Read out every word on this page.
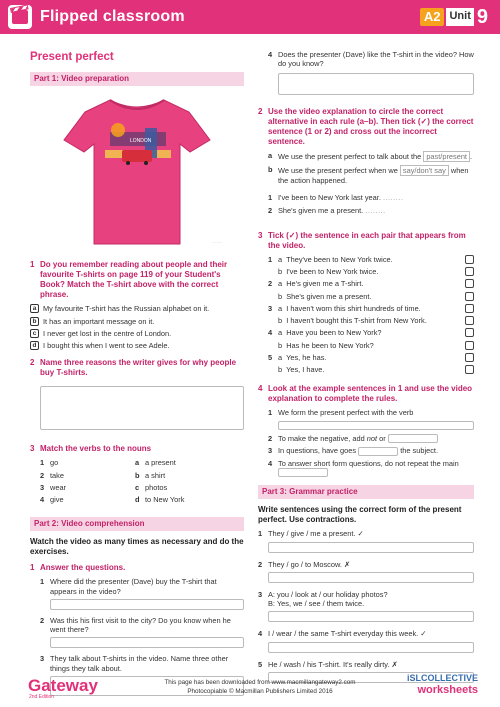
Flipped classroom	A2 Unit 9
Present perfect
Part 1: Video preparation
LONDON
.........
1 Do you remember reading about people and their favourite T-shirts on page 119 of your Student's Book? Match the T-shirt above with the correct phrase.
a My favourite T-shirt has the Russian alphabet on it.
b It has an important message on it.
c I never get lost in the centre of London.
d I bought this when I went to see Adele.
2 Name three reasons the writer gives for why people buy T-shirts.
3 Match the verbs to the nouns
1 go
2 take
3 wear
4 give
a a present
b a shirt
c photos
d to New York
Part 2: Video comprehension
Watch the video as many times as necessary and do the exercises.
1 Answer the questions.
1 Where did the presenter (Dave) buy the T-shirt that appears in the video?
2 Was this his first visit to the city? Do you know when he went there?
3 They talk about T-shirts in the video. Name three other things they talk about.
4 Does the presenter (Dave) like the T-shirt in the video? How do you know?
2 Use the video explanation to circle the correct alternative in each rule (a–b). Then tick (✓) the correct sentence (1 or 2) and cross out the incorrect sentence.
a We use the present perfect to talk about the past/present .
b We use the present perfect when we say/don't say when the action happened.
1 I've been to New York last year. ........
2 She's given me a present. ........
3 Tick (✓) the sentence in each pair that appears from the video.
1 a  They've been to New York twice.
b  I've been to New York twice.
2 a  He's given me a T-shirt.
b  She's given me a present.
3 a  I haven't worn this shirt hundreds of time.
b  I haven't bought this T-shirt from New York.
4 a  Have you been to New York?
b  Has he been to New York?
5 a  Yes, he has.
b  Yes, I have.
4 Look at the example sentences in 1 and use the video explanation to complete the rules.
1 We form the present perfect with the verb
2 To make the negative, add not or
3 In questions, have goes	the subject.
4 To answer short form questions, do not repeat the main
Part 3: Grammar practice
Write sentences using the correct form of the present perfect. Use contractions.
1 They / give / me a present. ✓
2 They / go / to Moscow. ✗
3 A: you / look at / our holiday photos?
B: Yes, we / see / them twice.
4 I / wear / the same T-shirt everyday this week. ✓
5 He / wash / his T-shirt. It's really dirty. ✗
Gateway
2nd Edition
This page has been downloaded from www.macmillangateway2.com
Photocopiable © Macmillan Publishers Limited 2016
iSLCOLLECTIVE
worksheets
